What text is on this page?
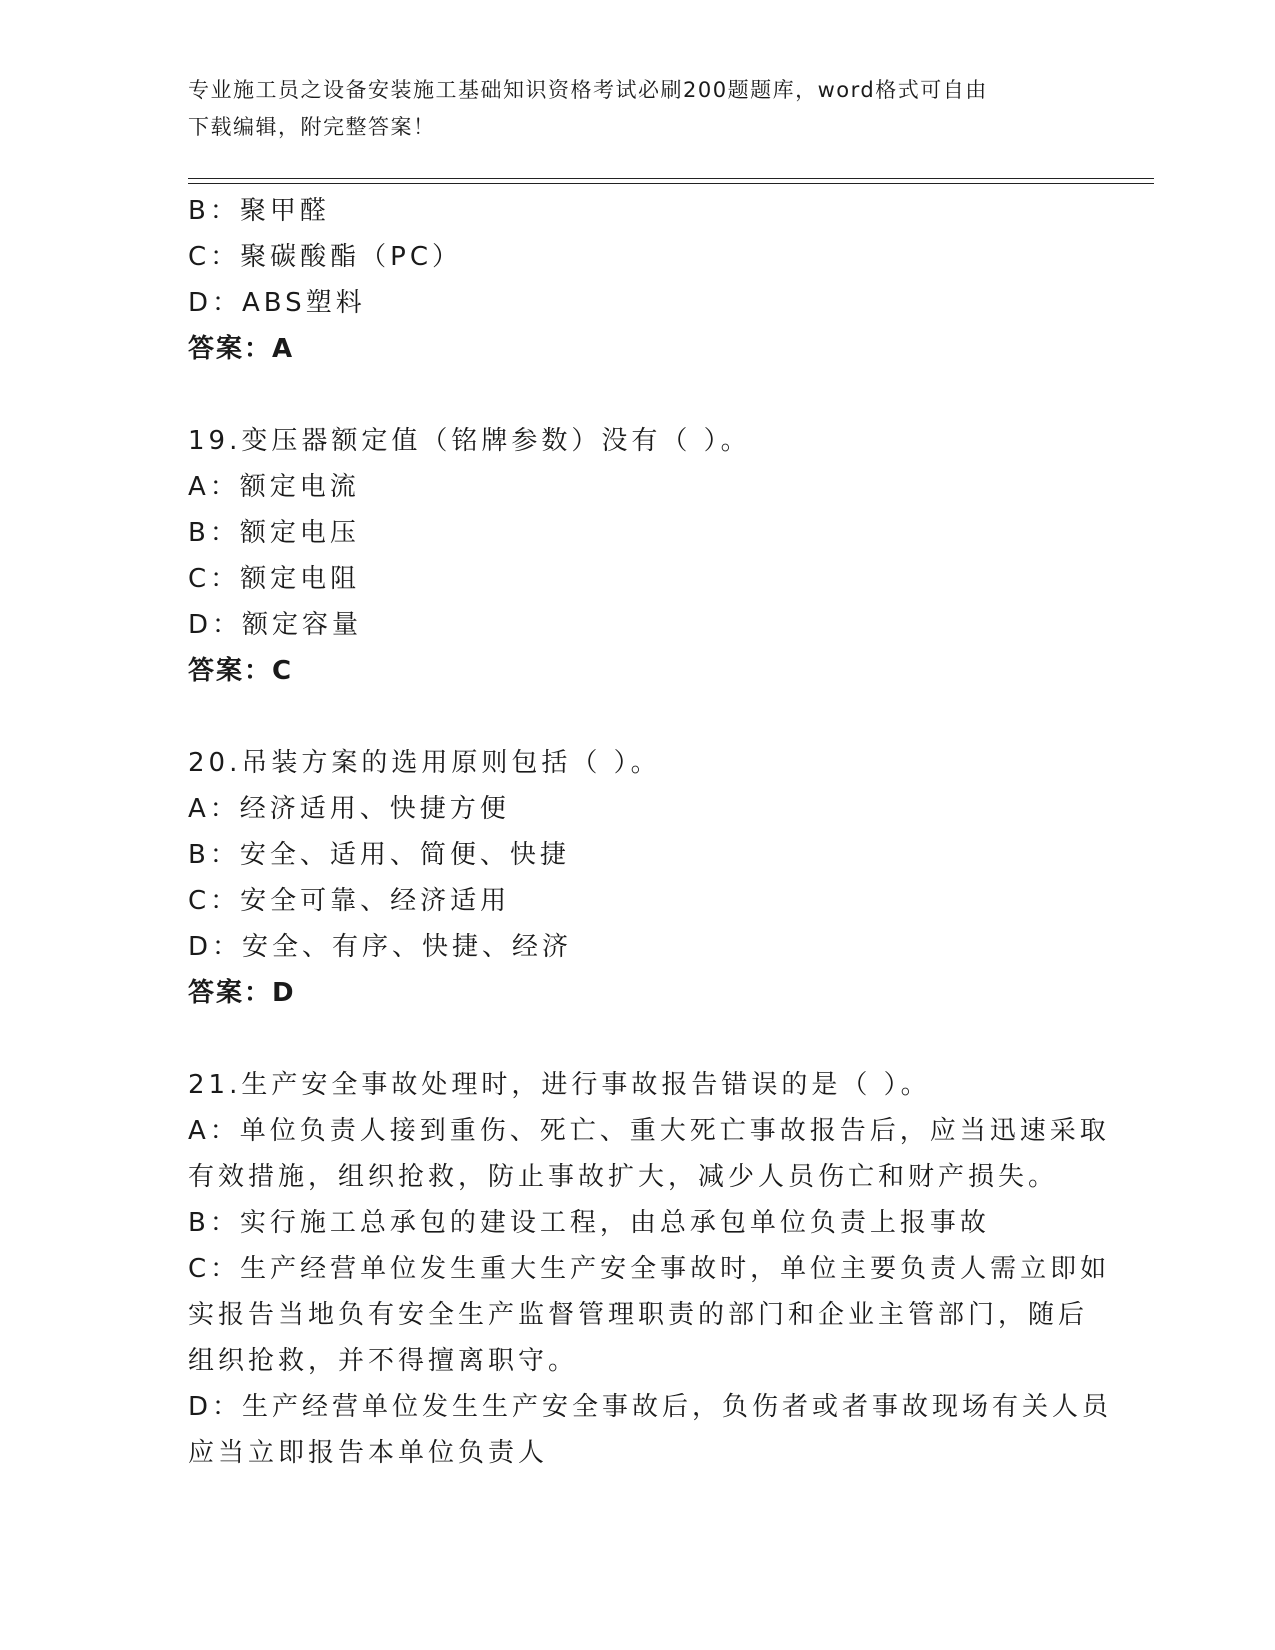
专业施工员之设备安装施工基础知识资格考试必刷200题题库，word格式可自由
下载编辑，附完整答案！
B：聚甲醛
C：聚碳酸酯（PC）
D：ABS塑料
答案：A
19.变压器额定值（铭牌参数）没有（ ）。
A：额定电流
B：额定电压
C：额定电阻
D：额定容量
答案：C
20.吊装方案的选用原则包括（ ）。
A：经济适用、快捷方便
B：安全、适用、简便、快捷
C：安全可靠、经济适用
D：安全、有序、快捷、经济
答案：D
21.生产安全事故处理时，进行事故报告错误的是（ ）。
A：单位负责人接到重伤、死亡、重大死亡事故报告后，应当迅速采取
有效措施，组织抢救，防止事故扩大，减少人员伤亡和财产损失。
B：实行施工总承包的建设工程，由总承包单位负责上报事故
C：生产经营单位发生重大生产安全事故时，单位主要负责人需立即如
实报告当地负有安全生产监督管理职责的部门和企业主管部门，随后
组织抢救，并不得擅离职守。
D：生产经营单位发生生产安全事故后，负伤者或者事故现场有关人员
应当立即报告本单位负责人
